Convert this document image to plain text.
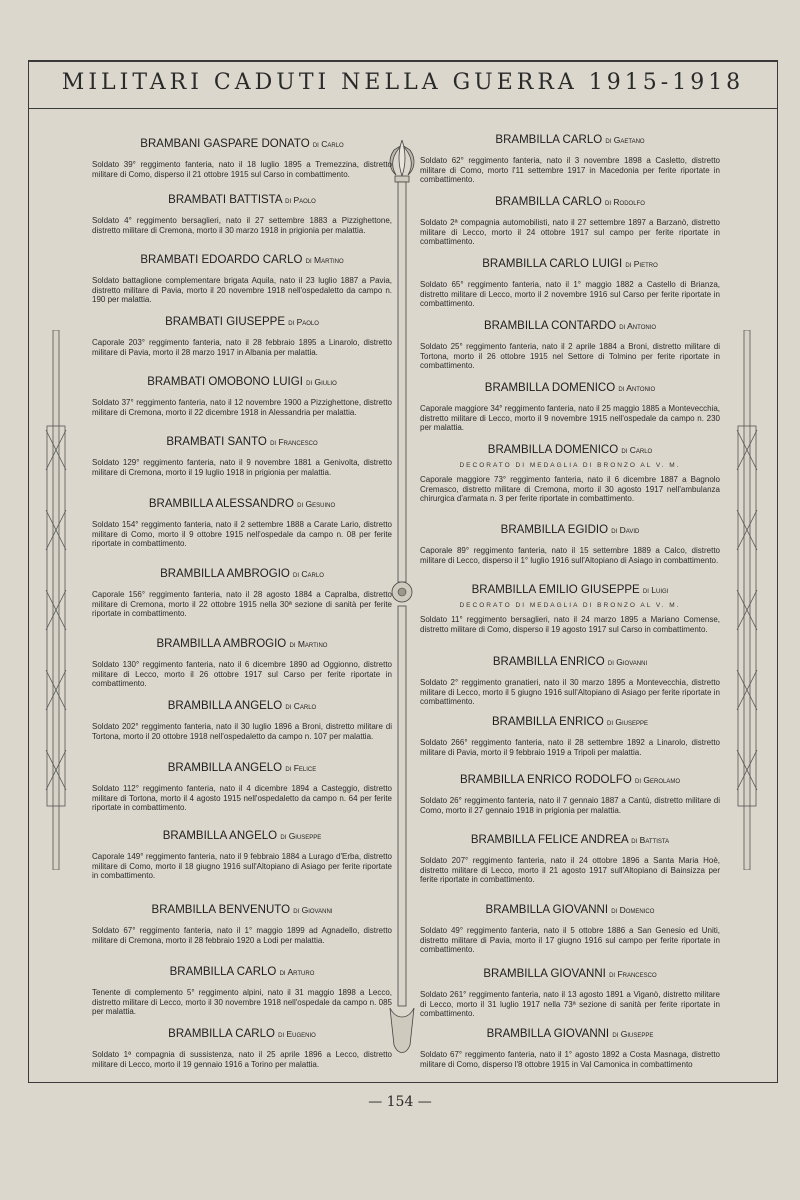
MILITARI CADUTI NELLA GUERRA 1915-1918
BRAMBANI GASPARE DONATO di Carlo

Soldato 39° reggimento fanteria, nato il 18 luglio 1895 a Tremezzina, distretto militare di Como, disperso il 21 ottobre 1915 sul Carso in combattimento.

BRAMBATI BATTISTA di Paolo

Soldato 4° reggimento bersaglieri, nato il 27 settembre 1883 a Pizzighettone, distretto militare di Cremona, morto il 30 marzo 1918 in prigionia per malattia.

BRAMBATI EDOARDO CARLO di Martino

Soldato battaglione complementare brigata Aquila, nato il 23 luglio 1887 a Pavia, distretto militare di Pavia, morto il 20 novembre 1918 nell'ospedaletto da campo n. 190 per malattia.

BRAMBATI GIUSEPPE di Paolo

Caporale 203° reggimento fanteria, nato il 28 febbraio 1895 a Linarolo, distretto militare di Pavia, morto il 28 marzo 1917 in Albania per malattia.

BRAMBATI OMOBONO LUIGI di Giulio

Soldato 37° reggimento fanteria, nato il 12 novembre 1900 a Pizzighettone, distretto militare di Cremona, morto il 22 dicembre 1918 in Alessandria per malattia.

BRAMBATI SANTO di Francesco

Soldato 129° reggimento fanteria, nato il 9 novembre 1881 a Genivolta, distretto militare di Cremona, morto il 19 luglio 1918 in prigionia per malattia.

BRAMBILLA ALESSANDRO di Gesuino

Soldato 154° reggimento fanteria, nato il 2 settembre 1888 a Carate Lario, distretto militare di Como, morto il 9 ottobre 1915 nell'ospedale da campo n. 08 per ferite riportate in combattimento.

BRAMBILLA AMBROGIO di Carlo

Caporale 156° reggimento fanteria, nato il 28 agosto 1884 a Capralba, distretto militare di Cremona, morto il 22 ottobre 1915 nella 30ª sezione di sanità per ferite riportate in combattimento.

BRAMBILLA AMBROGIO di Martino

Soldato 130° reggimento fanteria, nato il 6 dicembre 1890 ad Oggionno, distretto militare di Lecco, morto il 26 ottobre 1917 sul Carso per ferite riportate in combattimento.

BRAMBILLA ANGELO di Carlo

Soldato 202° reggimento fanteria, nato il 30 luglio 1896 a Broni, distretto militare di Tortona, morto il 20 ottobre 1918 nell'ospedaletto da campo n. 107 per malattia.

BRAMBILLA ANGELO di Felice

Soldato 112° reggimento fanteria, nato il 4 dicembre 1894 a Casteggio, distretto militare di Tortona, morto il 4 agosto 1915 nell'ospedaletto da campo n. 64 per ferite riportate in combattimento.

BRAMBILLA ANGELO di Giuseppe

Caporale 149° reggimento fanteria, nato il 9 febbraio 1884 a Lurago d'Erba, distretto militare di Como, morto il 18 giugno 1916 sull'Altopiano di Asiago per ferite riportate in combattimento.

BRAMBILLA BENVENUTO di Giovanni

Soldato 67° reggimento fanteria, nato il 1° maggio 1899 ad Agnadello, distretto militare di Cremona, morto il 28 febbraio 1920 a Lodi per malattia.

BRAMBILLA CARLO di Arturo

Tenente di complemento 5° reggimento alpini, nato il 31 maggio 1898 a Lecco, distretto militare di Lecco, morto il 30 novembre 1918 nell'ospedale da campo n. 085 per malattia.

BRAMBILLA CARLO di Eugenio

Soldato 1ª compagnia di sussistenza, nato il 25 aprile 1896 a Lecco, distretto militare di Lecco, morto il 19 gennaio 1916 a Torino per malattia.

BRAMBILLA CARLO di Gaetano

Soldato 62° reggimento fanteria, nato il 3 novembre 1898 a Casletto, distretto militare di Como, morto l'11 settembre 1917 in Macedonia per ferite riportate in combattimento.

BRAMBILLA CARLO di Rodolfo

Soldato 2ª compagnia automobilisti, nato il 27 settembre 1897 a Barzanò, distretto militare di Lecco, morto il 24 ottobre 1917 sul campo per ferite riportate in combattimento.

BRAMBILLA CARLO LUIGI di Pietro

Soldato 65° reggimento fanteria, nato il 1° maggio 1882 a Castello di Brianza, distretto militare di Lecco, morto il 2 novembre 1916 sul Carso per ferite riportate in combattimento.

BRAMBILLA CONTARDO di Antonio

Soldato 25° reggimento fanteria, nato il 2 aprile 1884 a Broni, distretto militare di Tortona, morto il 26 ottobre 1915 nel Settore di Tolmino per ferite riportate in combattimento.

BRAMBILLA DOMENICO di Antonio

Caporale maggiore 34° reggimento fanteria, nato il 25 maggio 1885 a Montevecchia, distretto militare di Lecco, morto il 9 novembre 1915 nell'ospedale da campo n. 230 per malattia.

BRAMBILLA DOMENICO di Carlo
DECORATO DI MEDAGLIA DI BRONZO AL V. M.

Caporale maggiore 73° reggimento fanteria, nato il 6 dicembre 1887 a Bagnolo Cremasco, distretto militare di Cremona, morto il 30 agosto 1917 nell'ambulanza chirurgica d'armata n. 3 per ferite riportate in combattimento.

BRAMBILLA EGIDIO di David

Caporale 89° reggimento fanteria, nato il 15 settembre 1889 a Calco, distretto militare di Lecco, disperso il 1° luglio 1916 sull'Altopiano di Asiago in combattimento.

BRAMBILLA EMILIO GIUSEPPE di Luigi
DECORATO DI MEDAGLIA DI BRONZO AL V. M.

Soldato 11° reggimento bersaglieri, nato il 24 marzo 1895 a Mariano Comense, distretto militare di Como, disperso il 19 agosto 1917 sul Carso in combattimento.

BRAMBILLA ENRICO di Giovanni

Soldato 2° reggimento granatieri, nato il 30 marzo 1895 a Montevecchia, distretto militare di Lecco, morto il 5 giugno 1916 sull'Altopiano di Asiago per ferite riportate in combattimento.

BRAMBILLA ENRICO di Giuseppe

Soldato 266° reggimento fanteria, nato il 28 settembre 1892 a Linarolo, distretto militare di Pavia, morto il 9 febbraio 1919 a Tripoli per malattia.

BRAMBILLA ENRICO RODOLFO di Gerolamo

Soldato 26° reggimento fanteria, nato il 7 gennaio 1887 a Cantù, distretto militare di Como, morto il 27 gennaio 1918 in prigionia per malattia.

BRAMBILLA FELICE ANDREA di Battista

Soldato 207° reggimento fanteria, nato il 24 ottobre 1896 a Santa Maria Hoè, distretto militare di Lecco, morto il 21 agosto 1917 sull'Altopiano di Bainsizza per ferite riportate in combattimento.

BRAMBILLA GIOVANNI di Domenico

Soldato 49° reggimento fanteria, nato il 5 ottobre 1886 a San Genesio ed Uniti, distretto militare di Pavia, morto il 17 giugno 1916 sul campo per ferite riportate in combattimento.

BRAMBILLA GIOVANNI di Francesco

Soldato 261° reggimento fanteria, nato il 13 agosto 1891 a Viganò, distretto militare di Lecco, morto il 31 luglio 1917 nella 73ª sezione di sanità per ferite riportate in combattimento.

BRAMBILLA GIOVANNI di Giuseppe

Soldato 67° reggimento fanteria, nato il 1° agosto 1892 a Costa Masnaga, distretto militare di Como, disperso l'8 ottobre 1915 in Val Camonica in combattimento

— 154 —
